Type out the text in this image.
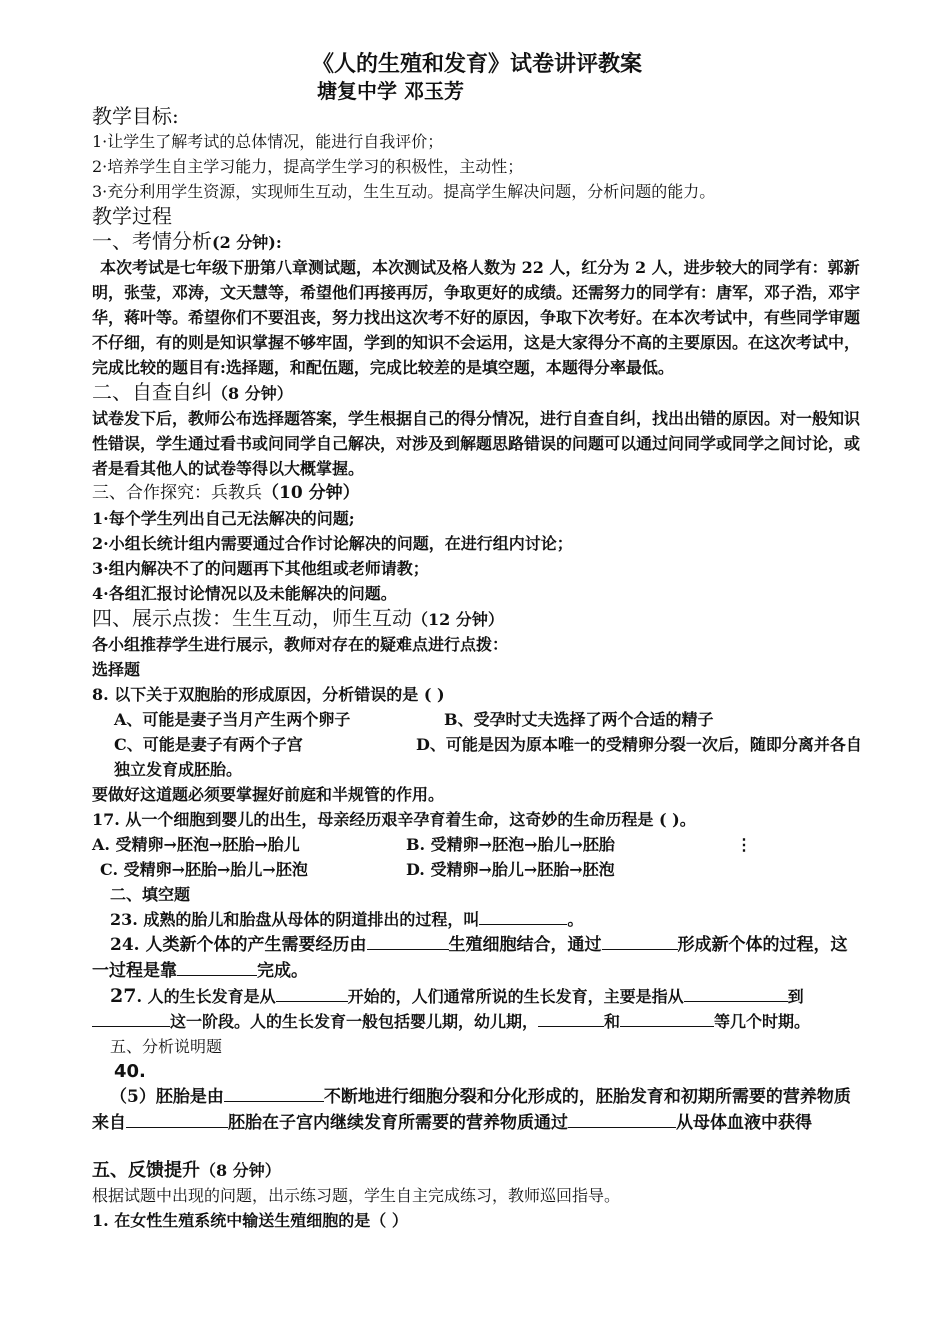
《人的生殖和发育》试卷讲评教案
塘复中学 邓玉芳
教学目标:

1·让学生了解考试的总体情况，能进行自我评价；

2·培养学生自主学习能力，提高学生学习的积极性，主动性；

3·充分利用学生资源，实现师生互动，生生互动。提高学生解决问题，分析问题的能力。

教学过程
一、考情分析(2 分钟):

本次考试是七年级下册第八章测试题，本次测试及格人数为 22 人，红分为 2 人，进步较大的同学有：郭新明，张莹，邓涛，文天慧等，希望他们再接再厉，争取更好的成绩。还需努力的同学有：唐军，邓子浩，邓宇华，蒋叶等。希望你们不要沮丧，努力找出这次考不好的原因，争取下次考好。在本次考试中，有些同学审题不仔细，有的则是知识掌握不够牢固，学到的知识不会运用，这是大家得分不高的主要原因。在这次考试中，完成比较的题目有:选择题，和配伍题，完成比较差的是填空题，本题得分率最低。

二、自查自纠（8 分钟）

试卷发下后，教师公布选择题答案，学生根据自己的得分情况，进行自查自纠，找出出错的原因。对一般知识性错误，学生通过看书或问同学自己解决，对涉及到解题思路错误的问题可以通过问同学或同学之间讨论，或者是看其他人的试卷等得以大概掌握。

三、合作探究：兵教兵（10 分钟）

1·每个学生列出自己无法解决的问题;

2·小组长统计组内需要通过合作讨论解决的问题，在进行组内讨论；

3·组内解决不了的问题再下其他组或老师请教；

4·各组汇报讨论情况以及未能解决的问题。

四、展示点拨：生生互动，师生互动（12 分钟）

各小组推荐学生进行展示，教师对存在的疑难点进行点拨：

选择题

8. 以下关于双胞胎的形成原因，分析错误的是 ( )

A、可能是妻子当月产生两个卵子	B、受孕时丈夫选择了两个合适的精子
C、可能是妻子有两个子宫	D、可能是因为原本唯一的受精卵分裂一次后，随即分离并各自独立发育成胚胎。

要做好这道题必须要掌握好前庭和半规管的作用。

17. 从一个细胞到婴儿的出生，母亲经历艰辛孕育着生命，这奇妙的生命历程是 ( )。

A. 受精卵→胚泡→胚胎→胎儿	B. 受精卵→胚泡→胎儿→胚胎	⋮
C. 受精卵→胚胎→胎儿→胚泡	D. 受精卵→胎儿→胚胎→胚泡

二、填空题

23. 成熟的胎儿和胎盘从母体的阴道排出的过程，叫	。

24. 人类新个体的产生需要经历由	生殖细胞结合，通过	形成新个体的过程，这一过程是靠	完成。

27. 人的生长发育是从	开始的，人们通常所说的生长发育，主要是指从	到这一阶段。人的生长发育一般包括婴儿期，幼儿期，	和	等几个时期。

五、分析说明题

40.

（5）胚胎是由	不断地进行细胞分裂和分化形成的，胚胎发育和初期所需要的营养物质来自	胚胎在子宫内继续发育所需要的营养物质通过	从母体血液中获得

五、反馈提升（8 分钟）

根据试题中出现的问题，出示练习题，学生自主完成练习，教师巡回指导。

1. 在女性生殖系统中输送生殖细胞的是（ ）
